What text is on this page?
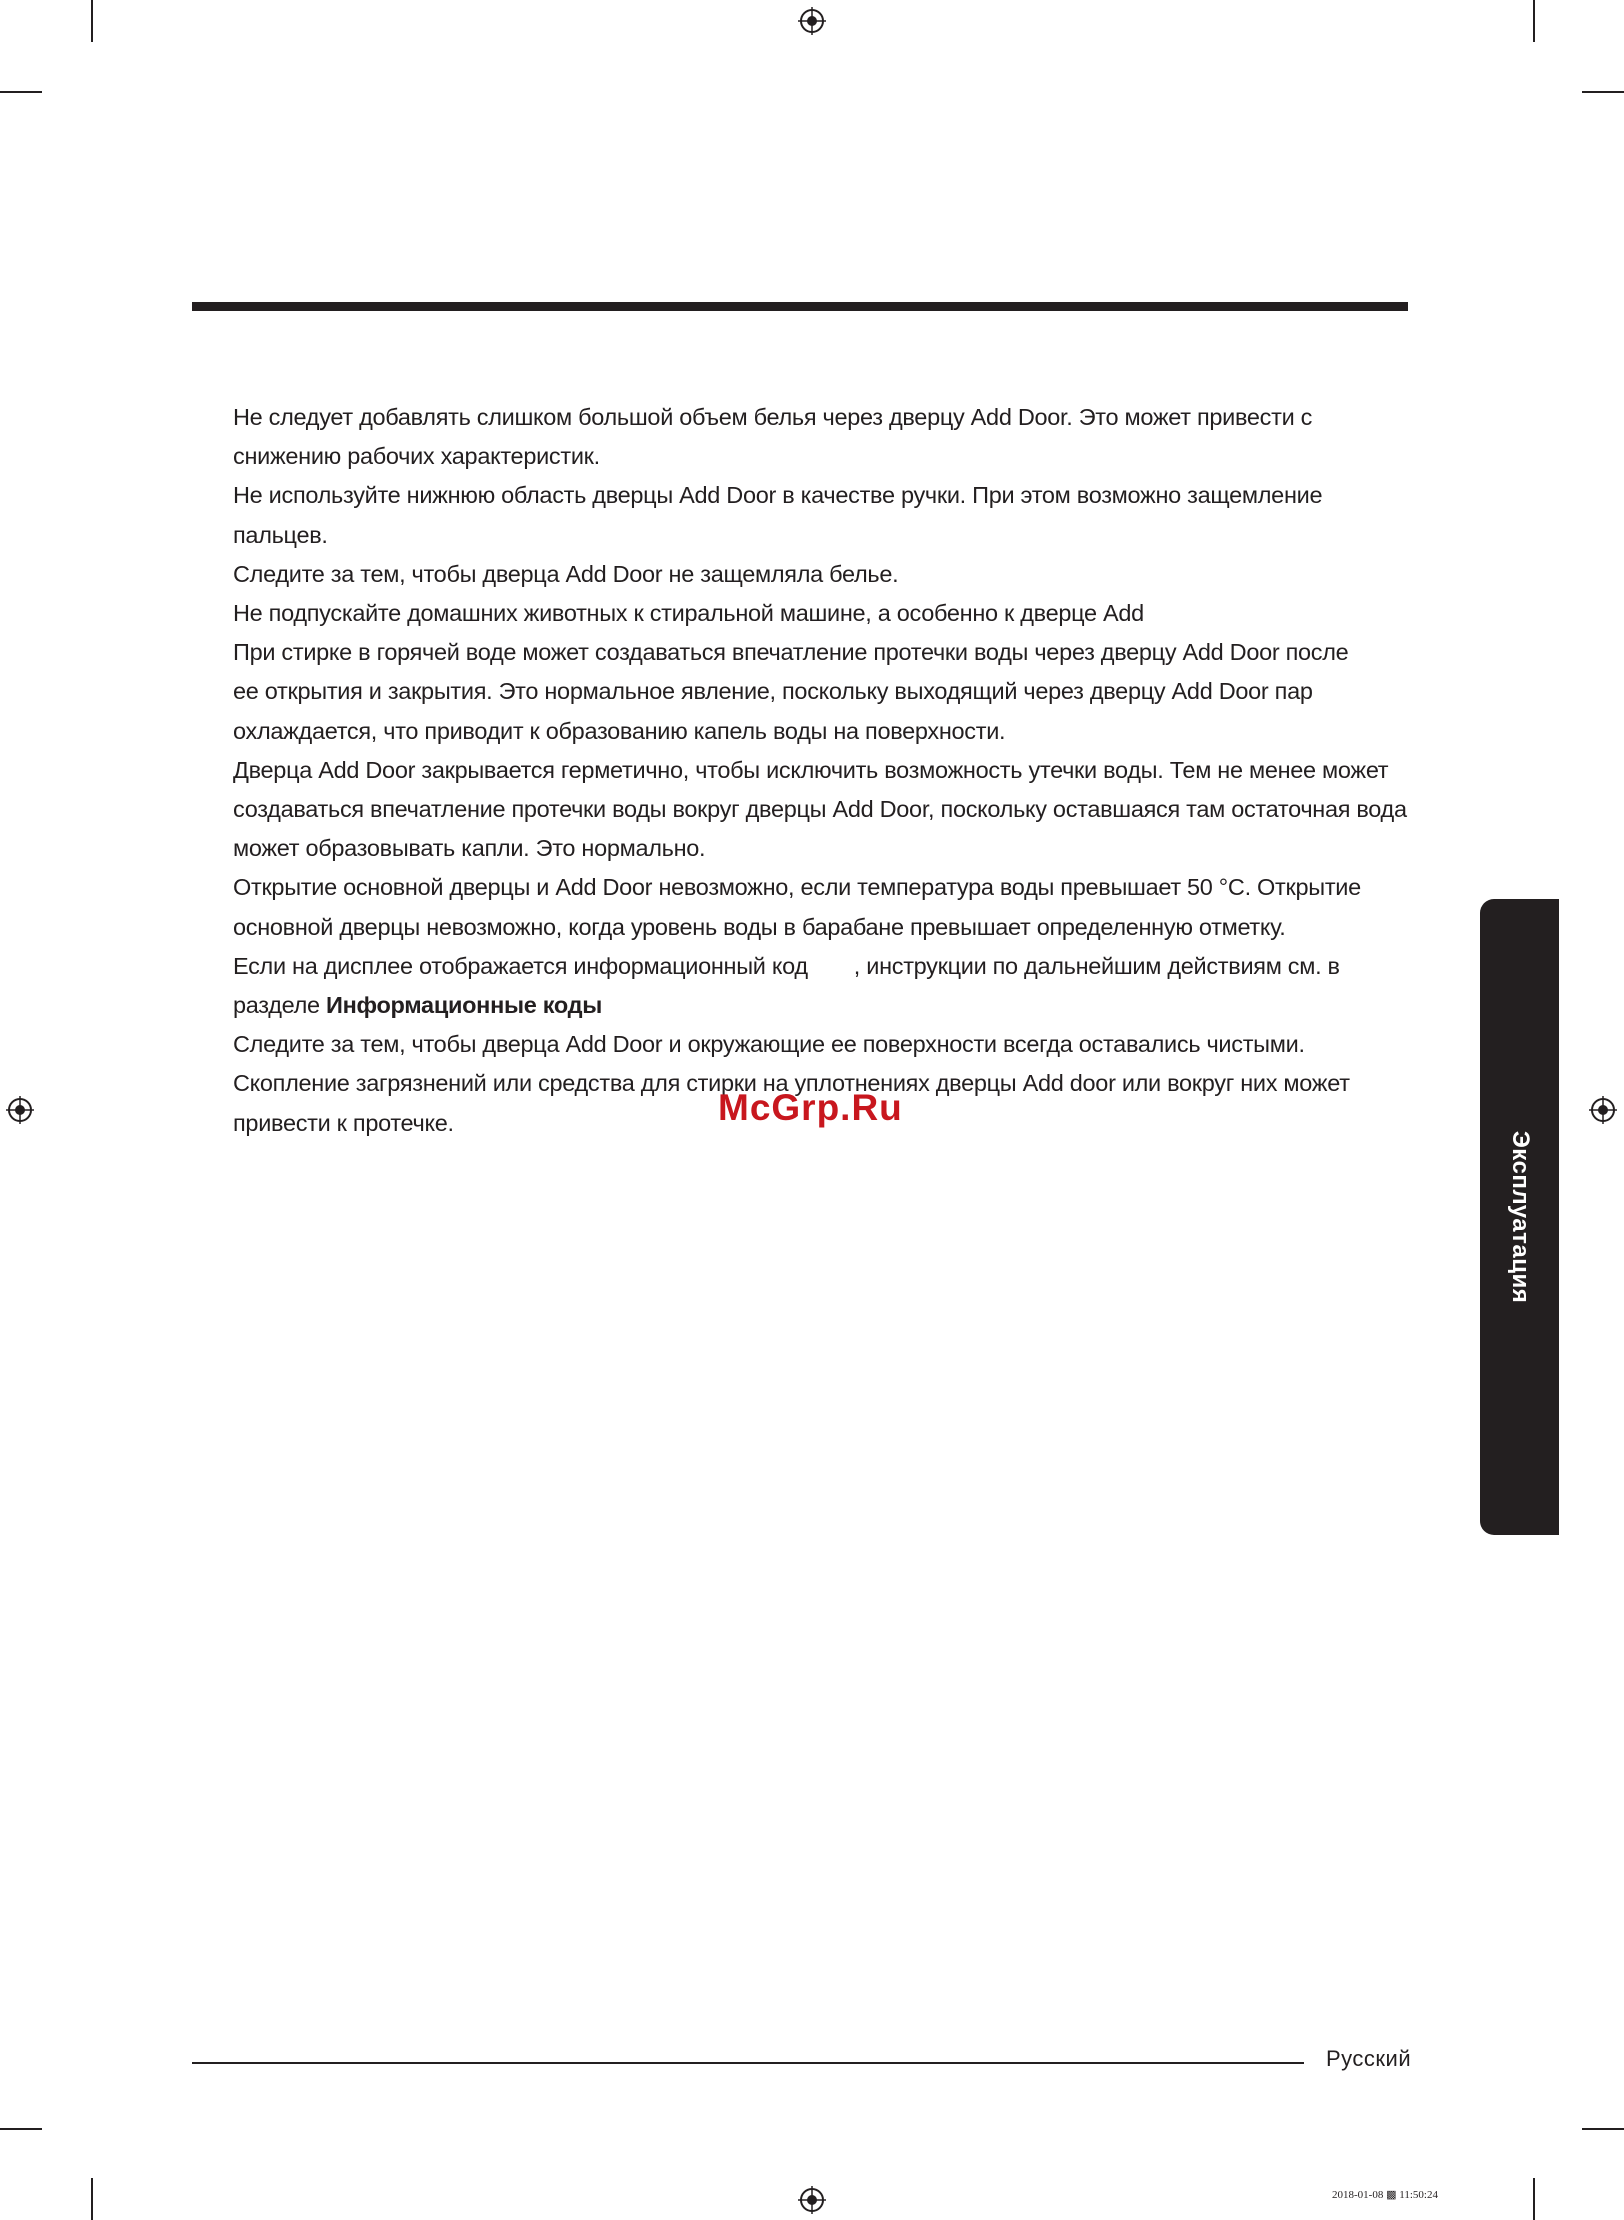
Не следует добавлять слишком большой объем белья через дверцу Add Door. Это может привести с

снижению рабочих характеристик.

Не используйте нижнюю область дверцы Add Door в качестве ручки. При этом возможно защемление

пальцев.

Следите за тем, чтобы дверца Add Door не защемляла белье.

Не подпускайте домашних животных к стиральной машине, а особенно к дверце Add

При стирке в горячей воде может создаваться впечатление протечки воды через дверцу Add Door после

ее открытия и закрытия. Это нормальное явление, поскольку выходящий через дверцу Add Door пар

охлаждается, что приводит к образованию капель воды на поверхности.

Дверца Add Door закрывается герметично, чтобы исключить возможность утечки воды. Тем не менее может

создаваться впечатление протечки воды вокруг дверцы Add Door, поскольку оставшаяся там остаточная вода

может образовывать капли. Это нормально.

Открытие основной дверцы и Add Door невозможно, если температура воды превышает 50 °C. Открытие

основной дверцы невозможно, когда уровень воды в барабане превышает определенную отметку.

Если на дисплее отображается информационный код , инструкции по дальнейшим действиям см. в

разделе Информационные коды

Следите за тем, чтобы дверца Add Door и окружающие ее поверхности всегда оставались чистыми.

Скопление загрязнений или средства для стирки на уплотнениях дверцы Add door или вокруг них может

привести к протечке.	McGrp.Ru
Эксплуатация
Русский
2018-01-08 ▩ 11:50:24
